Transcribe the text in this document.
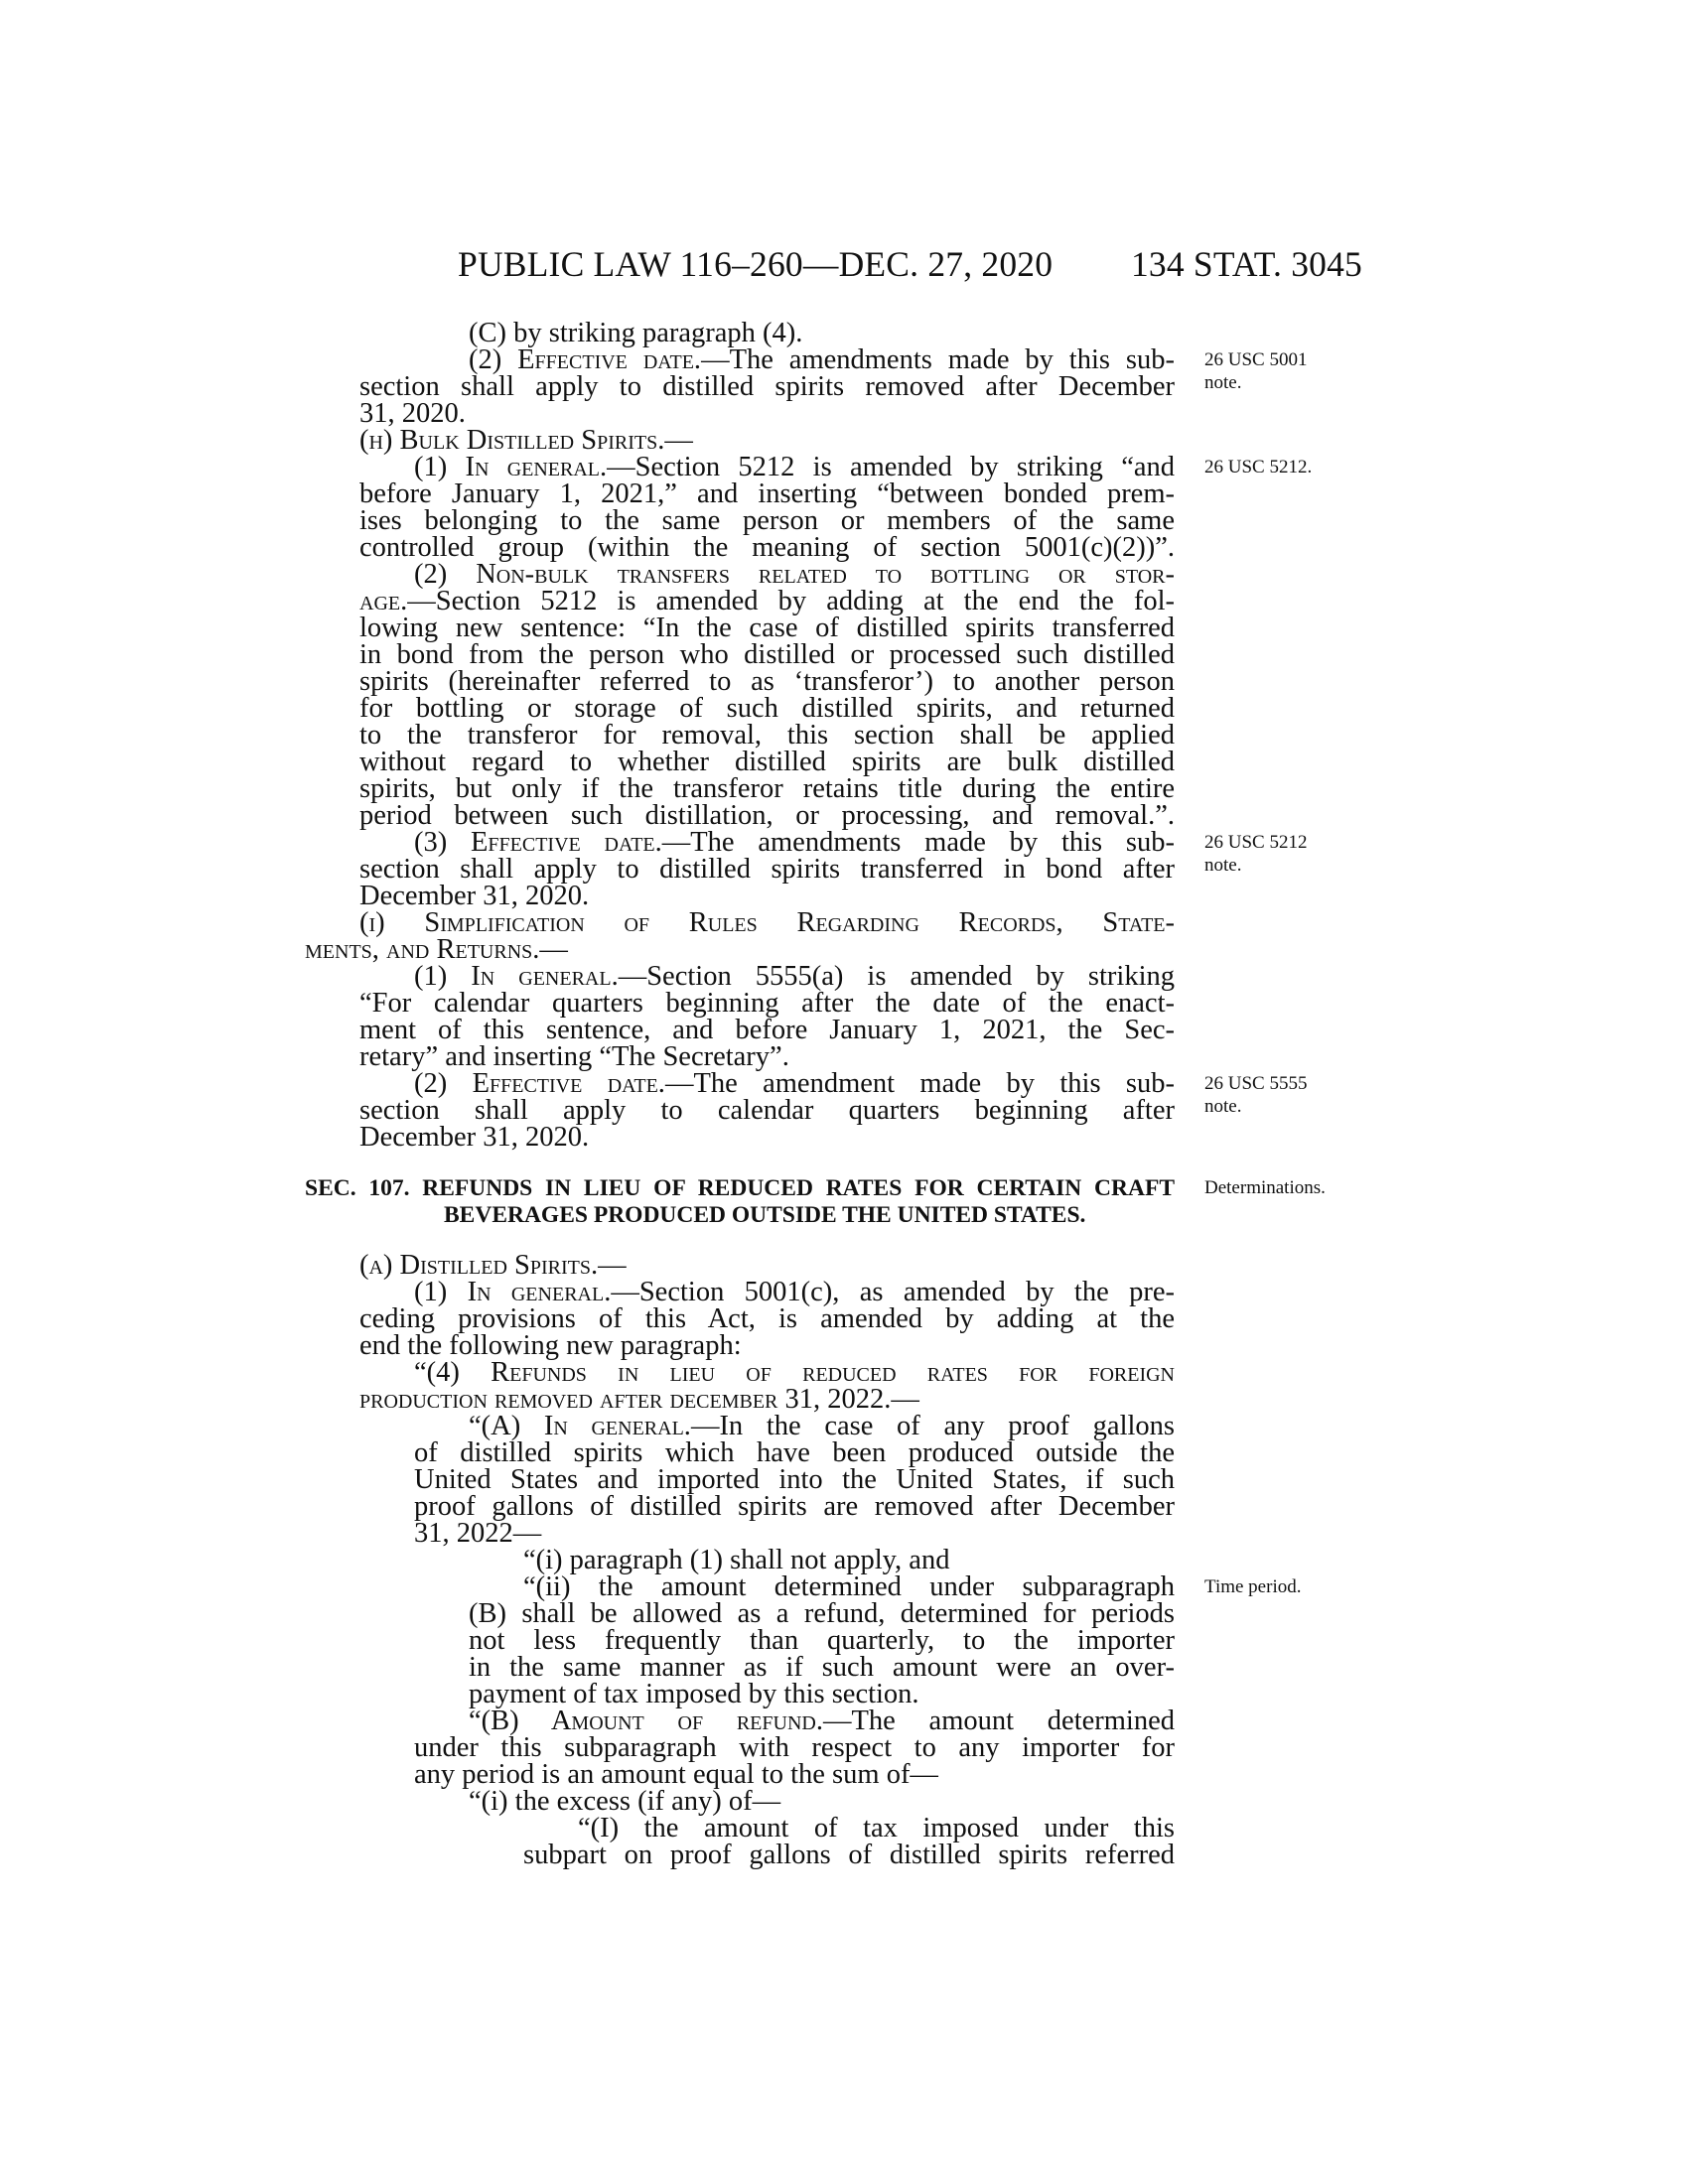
PUBLIC LAW 116–260—DEC. 27, 2020 134 STAT. 3045
(C) by striking paragraph (4).
(2) Effective date.—The amendments made by this sub-
section shall apply to distilled spirits removed after December
31, 2020.
(h) Bulk Distilled Spirits.—
(1) In general.—Section 5212 is amended by striking “and
before January 1, 2021,” and inserting “between bonded prem-
ises belonging to the same person or members of the same
controlled group (within the meaning of section 5001(c)(2))”.
(2) Non-bulk transfers related to bottling or stor-
age.—Section 5212 is amended by adding at the end the fol-
lowing new sentence: “In the case of distilled spirits transferred
in bond from the person who distilled or processed such distilled
spirits (hereinafter referred to as ‘transferor’) to another person
for bottling or storage of such distilled spirits, and returned
to the transferor for removal, this section shall be applied
without regard to whether distilled spirits are bulk distilled
spirits, but only if the transferor retains title during the entire
period between such distillation, or processing, and removal.”.
(3) Effective date.—The amendments made by this sub-
section shall apply to distilled spirits transferred in bond after
December 31, 2020.
(i) Simplification of Rules Regarding Records, State-
ments, and Returns.—
(1) In general.—Section 5555(a) is amended by striking
“For calendar quarters beginning after the date of the enact-
ment of this sentence, and before January 1, 2021, the Sec-
retary” and inserting “The Secretary”.
(2) Effective date.—The amendment made by this sub-
section shall apply to calendar quarters beginning after
December 31, 2020.
SEC. 107. REFUNDS IN LIEU OF REDUCED RATES FOR CERTAIN CRAFT
BEVERAGES PRODUCED OUTSIDE THE UNITED STATES.
(a) Distilled Spirits.—
(1) In general.—Section 5001(c), as amended by the pre-
ceding provisions of this Act, is amended by adding at the
end the following new paragraph:
“(4) Refunds in lieu of reduced rates for foreign
production removed after december 31, 2022.—
“(A) In general.—In the case of any proof gallons
of distilled spirits which have been produced outside the
United States and imported into the United States, if such
proof gallons of distilled spirits are removed after December
31, 2022—
“(i) paragraph (1) shall not apply, and
“(ii) the amount determined under subparagraph
(B) shall be allowed as a refund, determined for periods
not less frequently than quarterly, to the importer
in the same manner as if such amount were an over-
payment of tax imposed by this section.
“(B) Amount of refund.—The amount determined
under this subparagraph with respect to any importer for
any period is an amount equal to the sum of—
“(i) the excess (if any) of—
“(I) the amount of tax imposed under this
subpart on proof gallons of distilled spirits referred
26 USC 5001
note.
26 USC 5212.
26 USC 5212
note.
26 USC 5555
note.
Determinations.
Time period.
